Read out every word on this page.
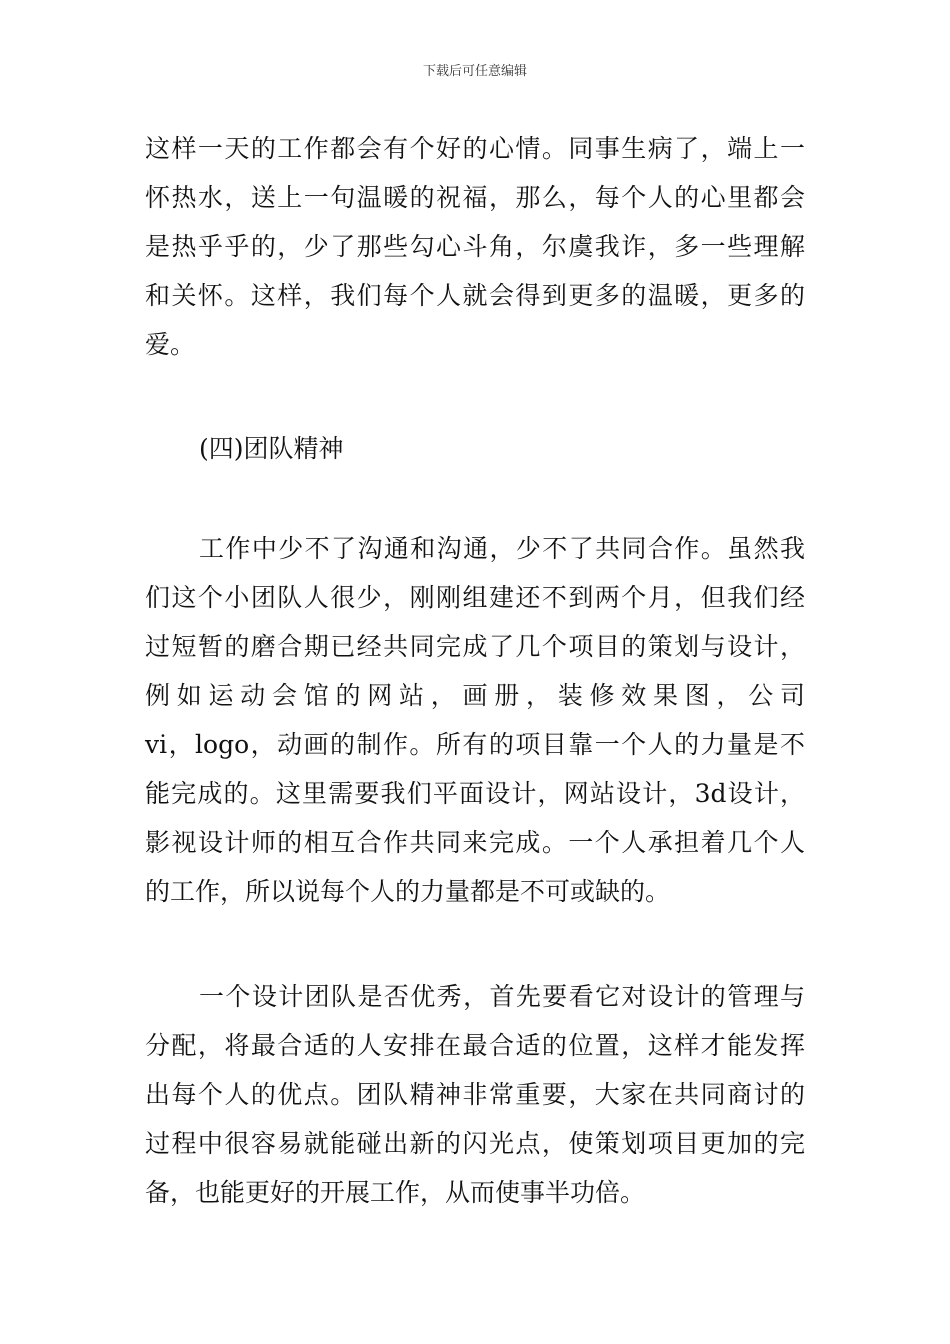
下载后可任意编辑
这样一天的工作都会有个好的心情。同事生病了，端上一
怀热水，送上一句温暖的祝福，那么，每个人的心里都会
是热乎乎的，少了那些勾心斗角，尔虞我诈，多一些理解
和关怀。这样，我们每个人就会得到更多的温暖，更多的
爱。
(四)团队精神
工作中少不了沟通和沟通，少不了共同合作。虽然我
们这个小团队人很少，刚刚组建还不到两个月，但我们经
过短暂的磨合期已经共同完成了几个项目的策划与设计，
例如运动会馆的网站，画册，装修效果图，公司
vi，logo，动画的制作。所有的项目靠一个人的力量是不
能完成的。这里需要我们平面设计，网站设计，3d设计，
影视设计师的相互合作共同来完成。一个人承担着几个人
的工作，所以说每个人的力量都是不可或缺的。
一个设计团队是否优秀，首先要看它对设计的管理与
分配，将最合适的人安排在最合适的位置，这样才能发挥
出每个人的优点。团队精神非常重要，大家在共同商讨的
过程中很容易就能碰出新的闪光点，使策划项目更加的完
备，也能更好的开展工作，从而使事半功倍。
